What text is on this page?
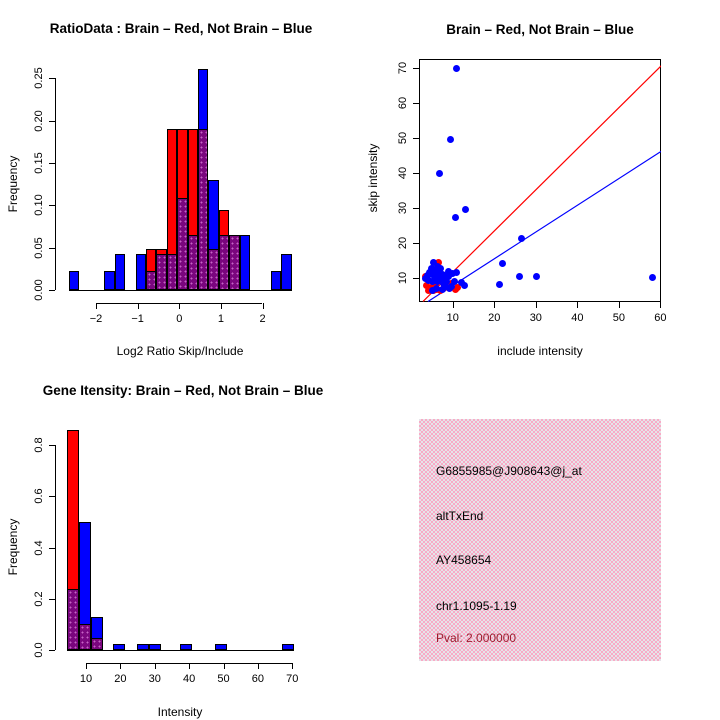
RatioData : Brain – Red, Not Brain – Blue	Brain – Red, Not Brain – Blue
Gene Itensity: Brain – Red, Not Brain – Blue
Log2 Ratio Skip/Include
Frequency
include intensity
skip intensity
Intensity
Frequency
G6855985@J908643@j_at
altTxEnd
AY458654
chr1.1095-1.19
Pval: 2.000000
0.00
0.05
0.10
0.15
0.20
0.25
−2	−1	0	1	2
10
20
30
40
50
60
70
10	20	30	40	50	60
0.0
0.2
0.4
0.6
0.8
10 20 30 40 50 60 70
